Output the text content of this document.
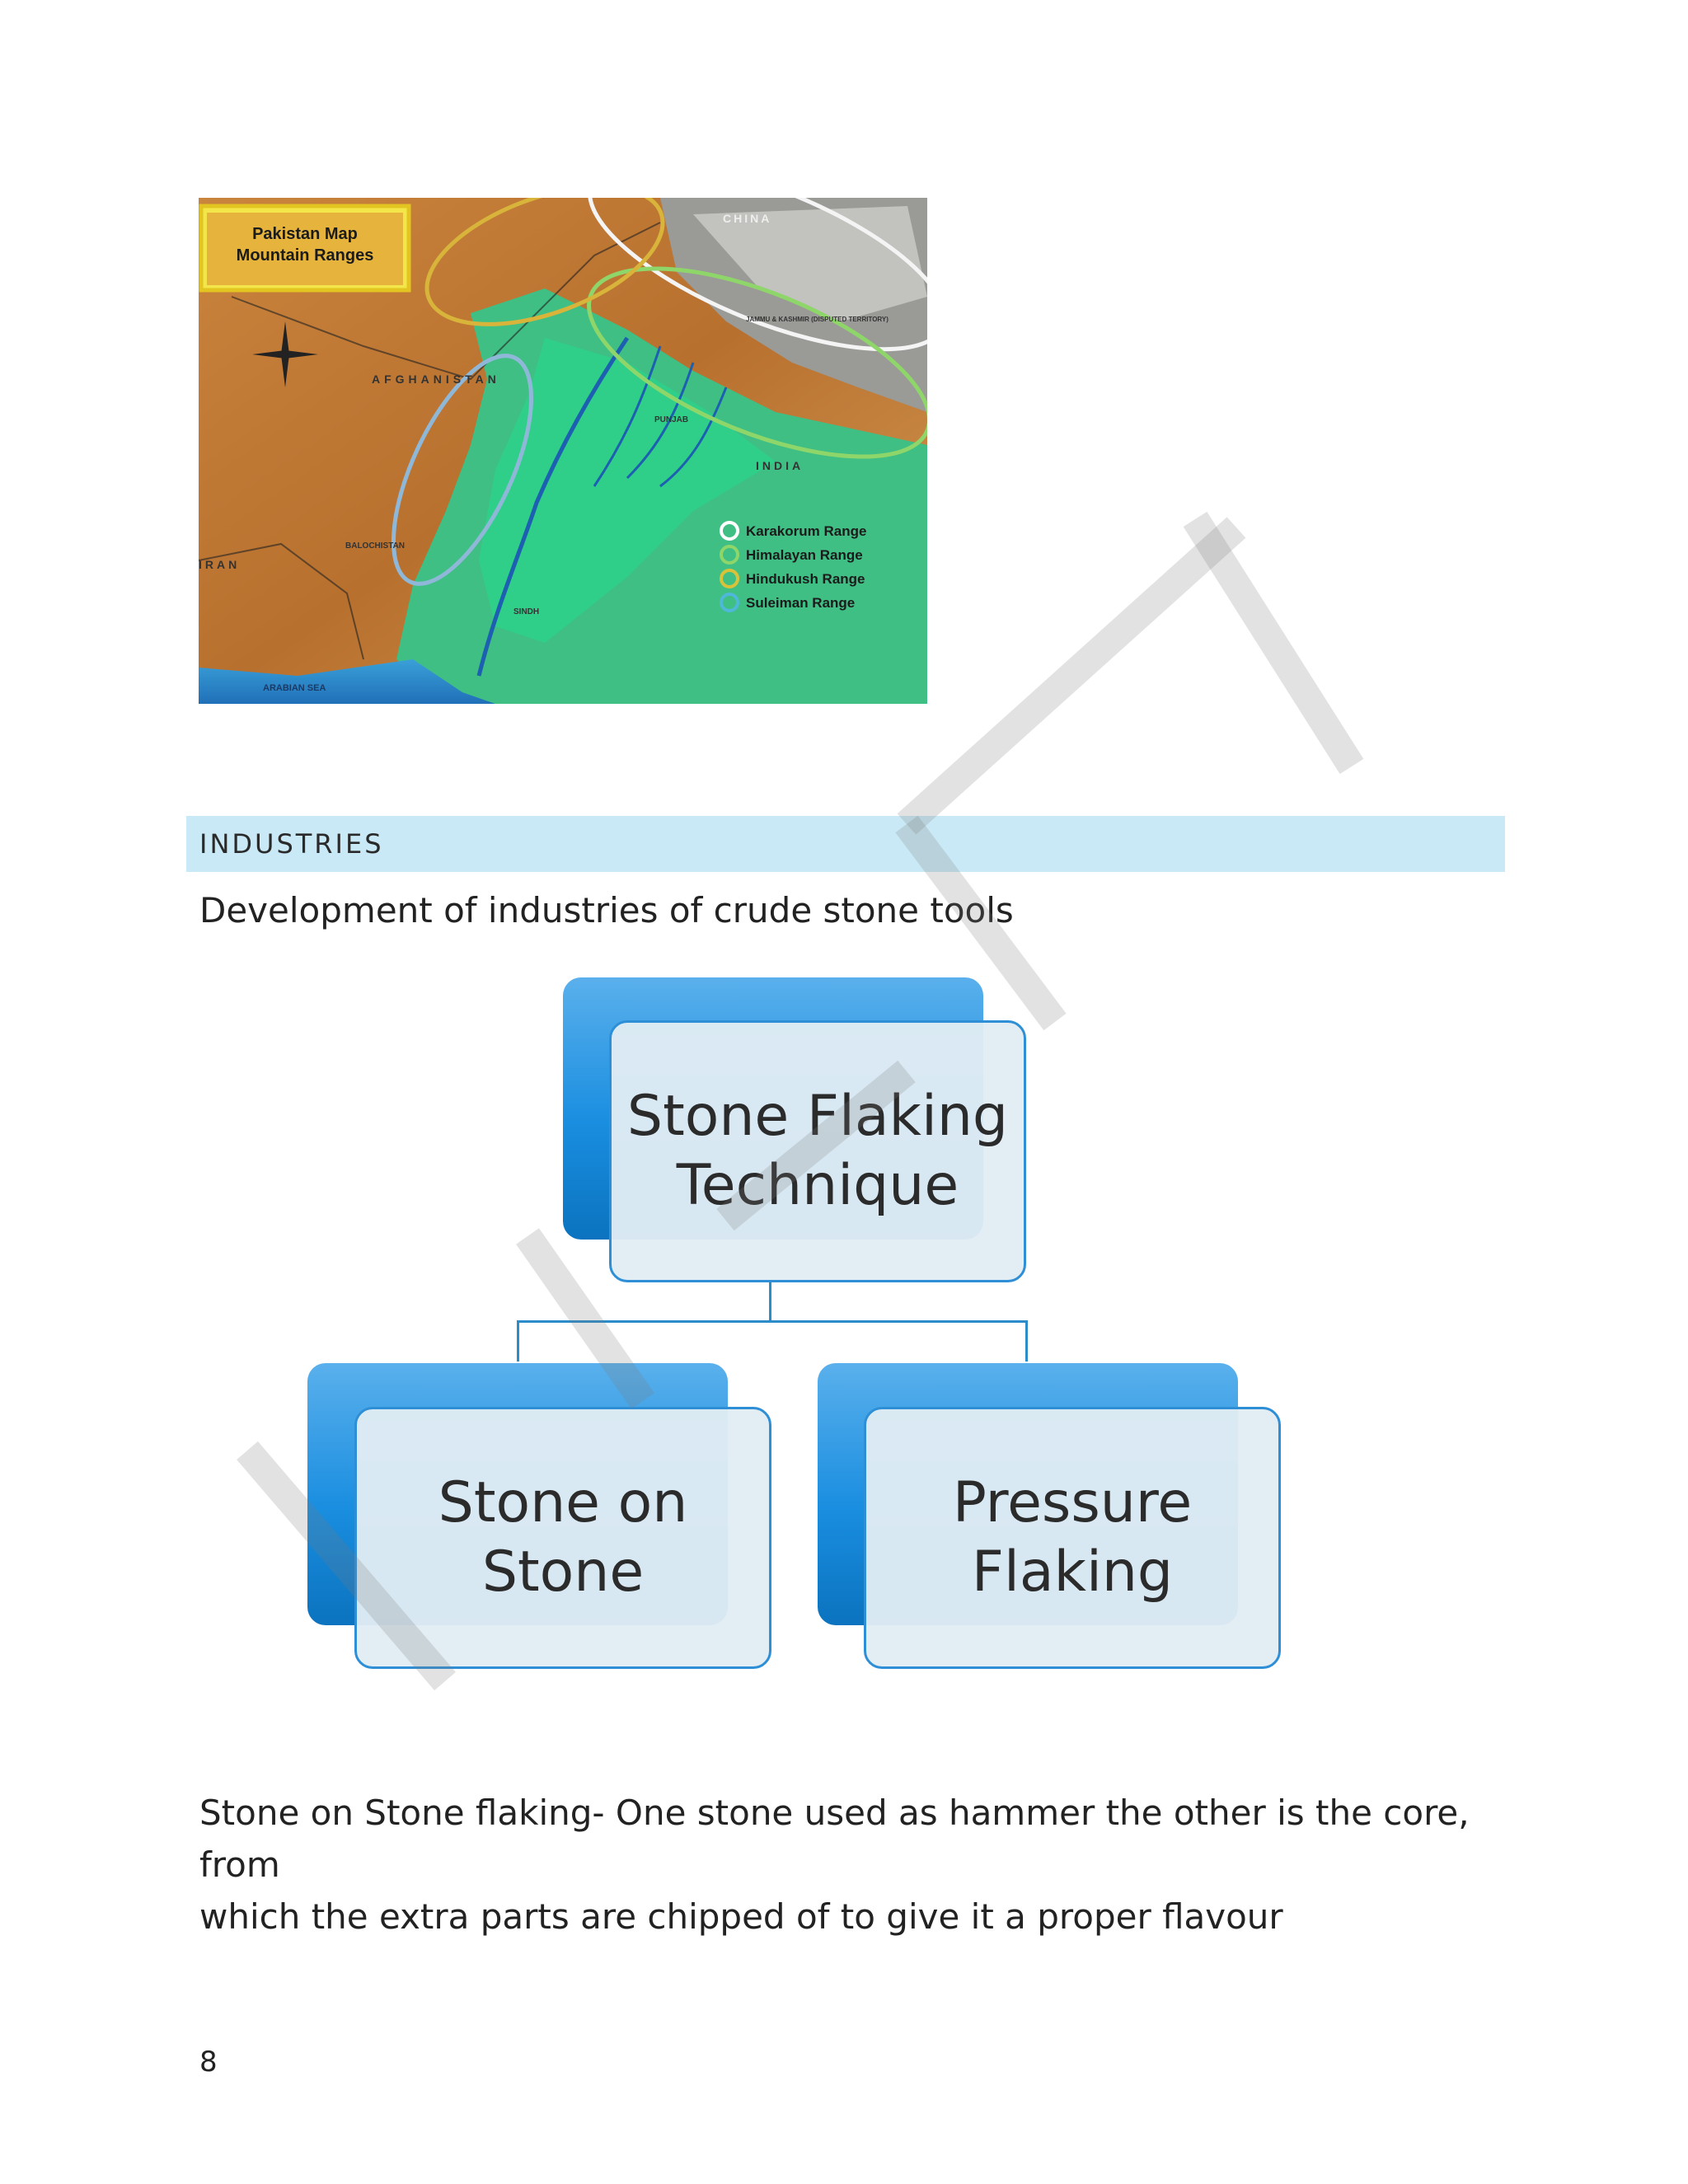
Pakistan Map
Mountain Ranges
CHINA
AFGHANISTAN
INDIA
IRAN
BALOCHISTAN
PUNJAB
SINDH
ARABIAN SEA
JAMMU & KASHMIR (DISPUTED TERRITORY)
Karakorum Range
Himalayan Range
Hindukush Range
Suleiman Range
INDUSTRIES
Development of industries of crude stone tools
Stone Flaking
Technique
Stone on
Stone
Pressure
Flaking
Stone on Stone flaking- One stone used as hammer the other is the core, from
which the extra parts are chipped of to give it a proper flavour
8
